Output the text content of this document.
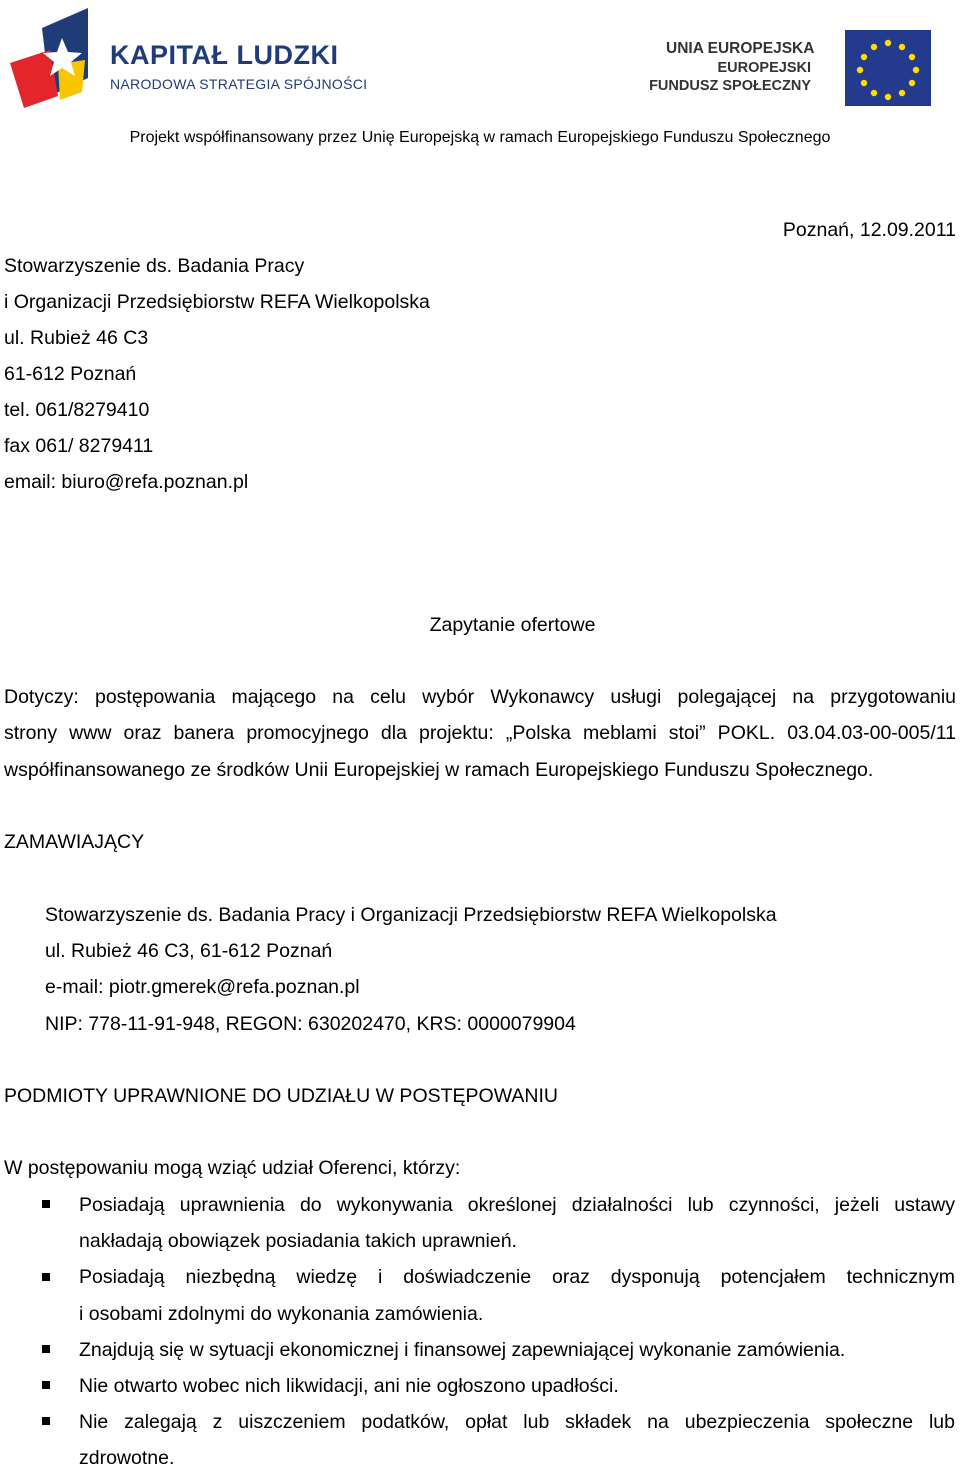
KAPITAŁ LUDZKI
NARODOWA STRATEGIA SPÓJNOŚCI
UNIA EUROPEJSKA
EUROPEJSKI
FUNDUSZ SPOŁECZNY
Projekt współfinansowany przez Unię Europejską w ramach Europejskiego Funduszu Społecznego
Poznań, 12.09.2011
Stowarzyszenie ds. Badania Pracy
i Organizacji Przedsiębiorstw REFA Wielkopolska
ul. Rubież 46 C3
61-612 Poznań
tel. 061/8279410
fax 061/ 8279411
email: biuro@refa.poznan.pl
Zapytanie ofertowe
Dotyczy: postępowania mającego na celu wybór Wykonawcy usługi polegającej na przygotowaniu
strony www oraz banera promocyjnego dla projektu: „Polska meblami stoi” POKL. 03.04.03-00-005/11
współfinansowanego ze środków Unii Europejskiej w ramach Europejskiego Funduszu Społecznego.
ZAMAWIAJĄCY
Stowarzyszenie ds. Badania Pracy i Organizacji Przedsiębiorstw REFA Wielkopolska
ul. Rubież 46 C3, 61-612 Poznań
e-mail: piotr.gmerek@refa.poznan.pl
NIP: 778-11-91-948, REGON: 630202470, KRS: 0000079904
PODMIOTY UPRAWNIONE DO UDZIAŁU W POSTĘPOWANIU
W postępowaniu mogą wziąć udział Oferenci, którzy:
Posiadają uprawnienia do wykonywania określonej działalności lub czynności, jeżeli ustawy
nakładają obowiązek posiadania takich uprawnień.
Posiadają niezbędną wiedzę i doświadczenie oraz dysponują potencjałem technicznym
i osobami zdolnymi do wykonania zamówienia.
Znajdują się w sytuacji ekonomicznej i finansowej zapewniającej wykonanie zamówienia.
Nie otwarto wobec nich likwidacji, ani nie ogłoszono upadłości.
Nie zalegają z uiszczeniem podatków, opłat lub składek na ubezpieczenia społeczne lub
zdrowotne.
